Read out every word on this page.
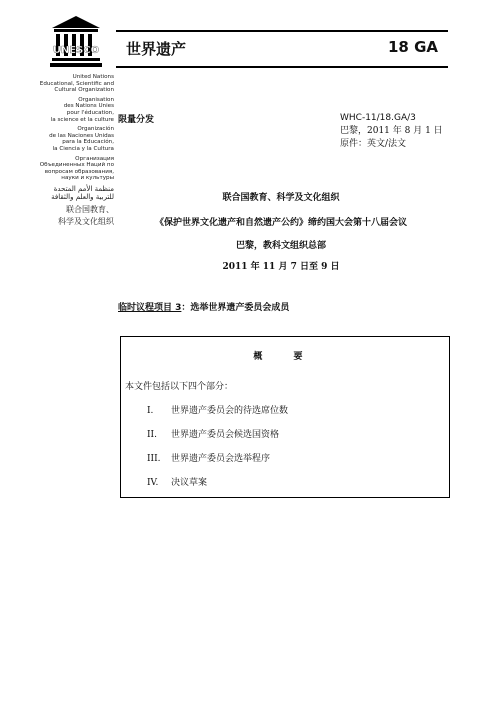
UNESCO
United Nations
Educational, Scientific and
Cultural Organization
Organisation
des Nations Unies
pour l'éducation,
la science et la culture
Organización
de las Naciones Unidas
para la Educación,
la Ciencia y la Cultura
Организация
Объединенных Наций по
вопросам образования,
науки и культуры
منظمة الأمم المتحدة
للتربية والعلم والثقافة
联合国教育、
科学及文化组织
世界遗产	18 GA
限量分发	WHC-11/18.GA/3
巴黎，2011 年 8 月 1 日
原件：英文/法文
联合国教育、科学及文化组织
《保护世界文化遗产和自然遗产公约》缔约国大会第十八届会议
巴黎，教科文组织总部
2011 年 11 月 7 日至 9 日
临时议程项目 3：选举世界遗产委员会成员
概 要
本文件包括以下四个部分：
I. 世界遗产委员会的待选席位数
II. 世界遗产委员会候选国资格
III. 世界遗产委员会选举程序
IV. 决议草案
